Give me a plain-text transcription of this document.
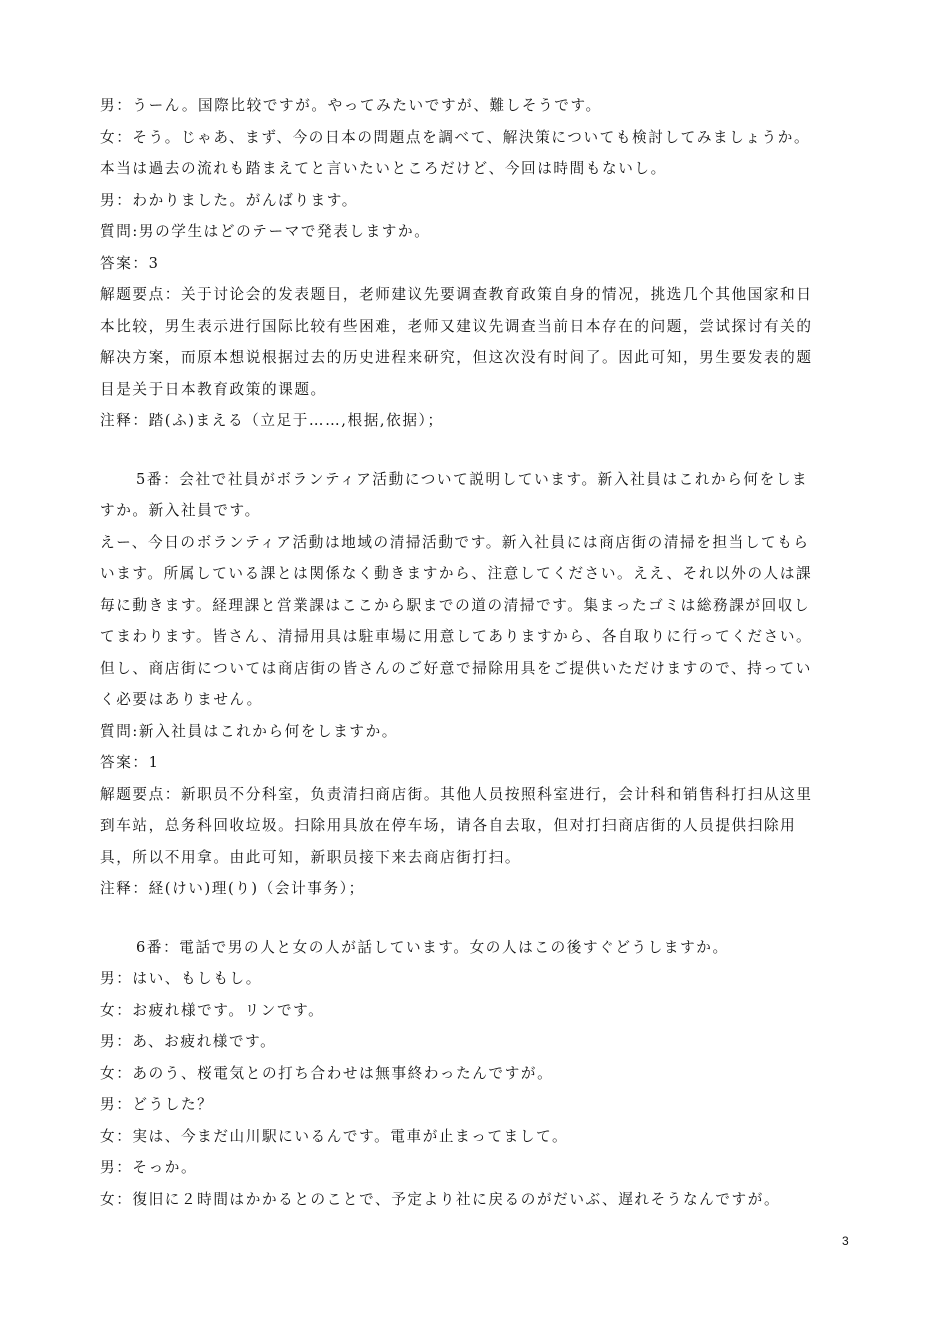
男：うーん。国際比较ですが。やってみたいですが、難しそうです。

女：そう。じゃあ、まず、今の日本の問題点を調べて、解決策についても検討してみましょうか。

本当は過去の流れも踏まえてと言いたいところだけど、今回は時間もないし。

男：わかりました。がんばります。

質問:男の学生はどのテーマで発表しますか。

答案：3

解题要点：关于讨论会的发表题目，老师建议先要调查教育政策自身的情况，挑选几个其他国家和日

本比较，男生表示进行国际比较有些困难，老师又建议先调查当前日本存在的问题，尝试探讨有关的

解决方案，而原本想说根据过去的历史进程来研究，但这次没有时间了。因此可知，男生要发表的题

目是关于日本教育政策的课题。

注释：踏(ふ)まえる（立足于……,根据,依据）；

5番：会社で社員がボランティア活動について説明しています。新入社員はこれから何をしま

すか。新入社員です。

えー、今日のボランティア活動は地域の清掃活動です。新入社員には商店街の清掃を担当してもら

います。所属している課とは関係なく動きますから、注意してください。ええ、それ以外の人は課

毎に動きます。経理課と営業課はここから駅までの道の清掃です。集まったゴミは総務課が回収し

てまわります。皆さん、清掃用具は駐車場に用意してありますから、各自取りに行ってください。

但し、商店街については商店街の皆さんのご好意で掃除用具をご提供いただけますので、持ってい

く必要はありません。

質問:新入社員はこれから何をしますか。

答案：1

解题要点：新职员不分科室，负责清扫商店街。其他人员按照科室进行，会计科和销售科打扫从这里

到车站，总务科回收垃圾。扫除用具放在停车场，请各自去取，但对打扫商店街的人员提供扫除用

具，所以不用拿。由此可知，新职员接下来去商店街打扫。

注释：経(けい)理(り)（会计事务）；

6番：電話で男の人と女の人が話しています。女の人はこの後すぐどうしますか。

男：はい、もしもし。

女：お疲れ様です。リンです。

男：あ、お疲れ様です。

女：あのう、桜電気との打ち合わせは無事終わったんですが。

男：どうした？

女：実は、今まだ山川駅にいるんです。電車が止まってまして。

男：そっか。

女：復旧に２時間はかかるとのことで、予定より社に戻るのがだいぶ、遅れそうなんですが。

3
